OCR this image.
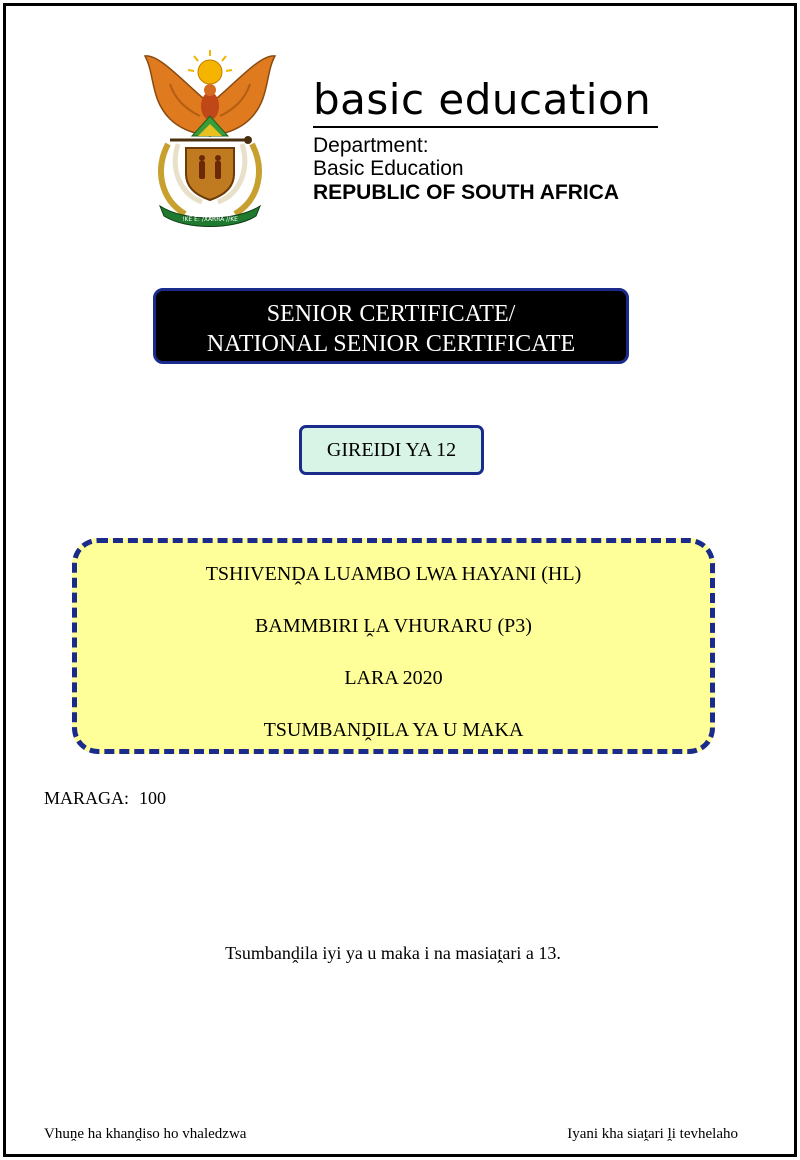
!KE E: /XARRA //KE
basic education
Department:
Basic Education
REPUBLIC OF SOUTH AFRICA
SENIOR CERTIFICATE/
NATIONAL SENIOR CERTIFICATE
GIREIDI YA 12
TSHIVENḒA LUAMBO LWA HAYANI (HL)
BAMMBIRI ḼA VHURARU (P3)
LARA 2020
TSUMBANḒILA YA U MAKA
MARAGA: 100
Tsumbanḓila iyi ya u maka i na masiaṱari a 13.
Vhuṋe ha khanḓiso ho vhaledzwa	Iyani kha siaṱari ḽi tevhelaho
